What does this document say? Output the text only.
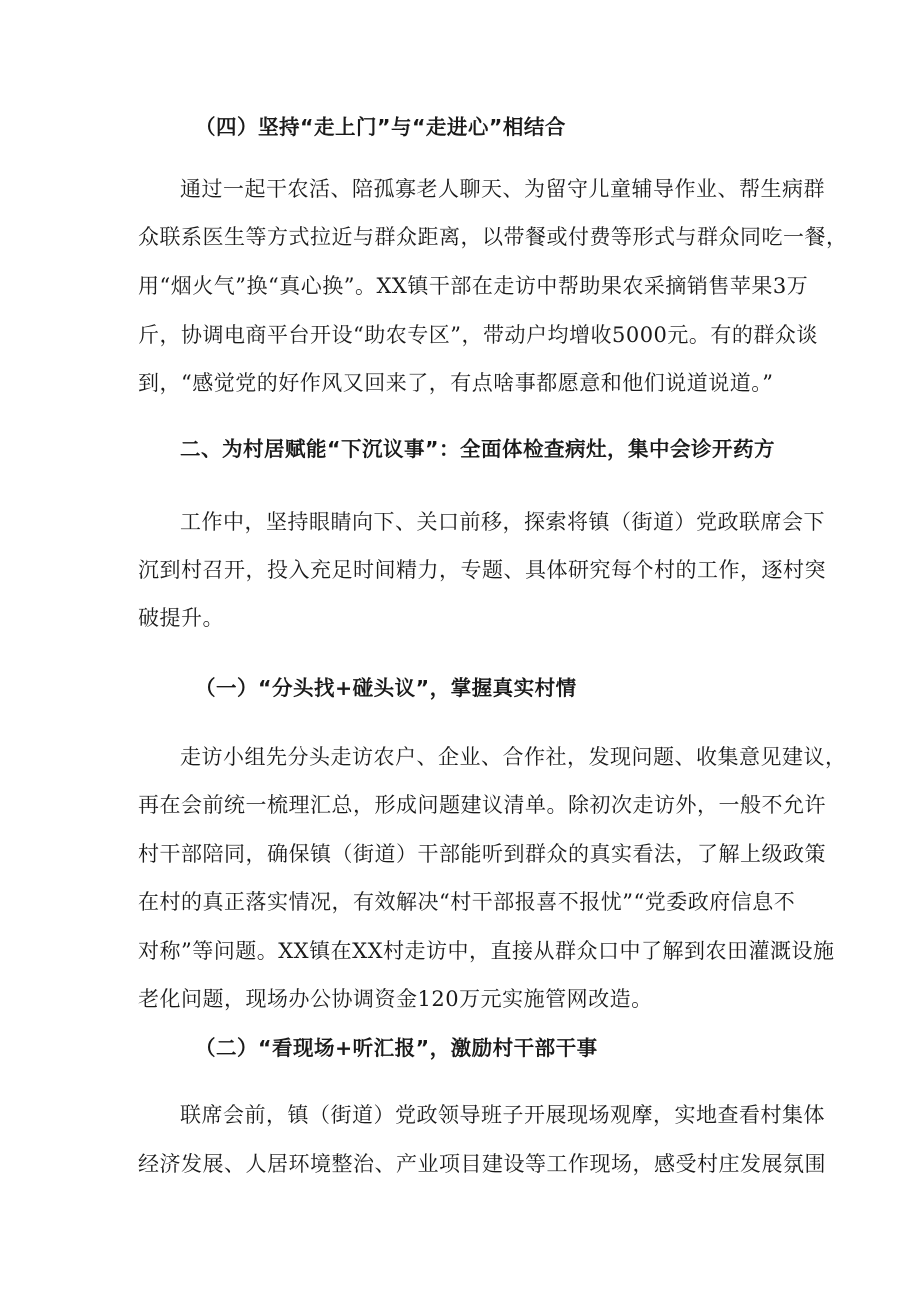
（四）坚持“走上门”与“走进心”相结合
通过一起干农活、陪孤寡老人聊天、为留守儿童辅导作业、帮生病群
众联系医生等方式拉近与群众距离，以带餐或付费等形式与群众同吃一餐，
用“烟火气”换“真心换”。XX镇干部在走访中帮助果农采摘销售苹果3万
斤，协调电商平台开设“助农专区”，带动户均增收5000元。有的群众谈
到，“感觉党的好作风又回来了，有点啥事都愿意和他们说道说道。”
二、为村居赋能“下沉议事”：全面体检查病灶，集中会诊开药方
工作中，坚持眼睛向下、关口前移，探索将镇（街道）党政联席会下
沉到村召开，投入充足时间精力，专题、具体研究每个村的工作，逐村突
破提升。
（一）“分头找+碰头议”，掌握真实村情
走访小组先分头走访农户、企业、合作社，发现问题、收集意见建议，
再在会前统一梳理汇总，形成问题建议清单。除初次走访外，一般不允许
村干部陪同，确保镇（街道）干部能听到群众的真实看法，了解上级政策
在村的真正落实情况，有效解决“村干部报喜不报忧”“党委政府信息不
对称”等问题。XX镇在XX村走访中，直接从群众口中了解到农田灌溉设施
老化问题，现场办公协调资金120万元实施管网改造。
（二）“看现场+听汇报”，激励村干部干事
联席会前，镇（街道）党政领导班子开展现场观摩，实地查看村集体
经济发展、人居环境整治、产业项目建设等工作现场，感受村庄发展氛围
